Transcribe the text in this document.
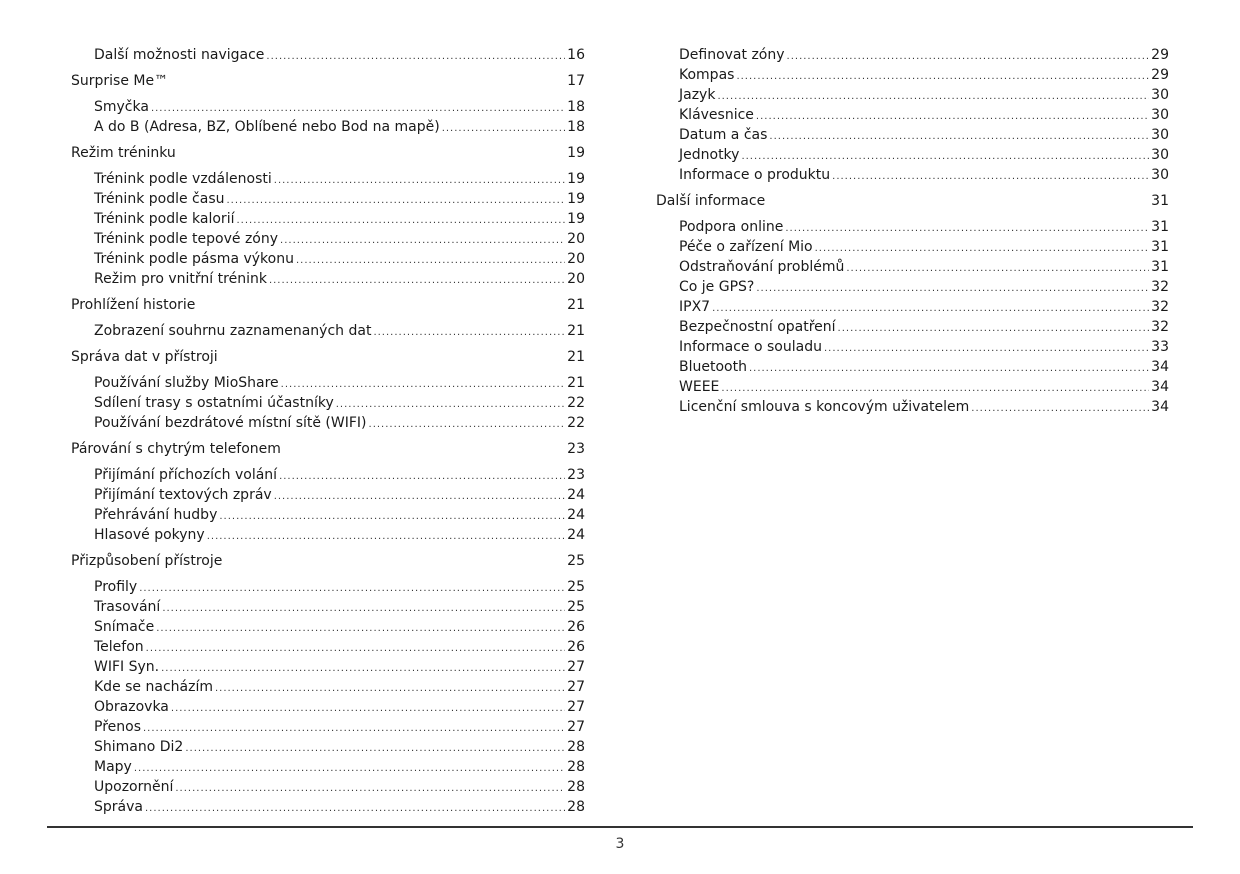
Další možnosti navigace .....	16
Surprise Me™	17
Smyčka .....	18
A do B (Adresa, BZ, Oblíbené nebo Bod na mapě) .....	18
Režim tréninku	19
Trénink podle vzdálenosti .....	19
Trénink podle času .....	19
Trénink podle kalorií .....	19
Trénink podle tepové zóny .....	20
Trénink podle pásma výkonu .....	20
Režim pro vnitřní trénink .....	20
Prohlížení historie	21
Zobrazení souhrnu zaznamenaných dat .....	21
Správa dat v přístroji	21
Používání služby MioShare .....	21
Sdílení trasy s ostatními účastníky .....	22
Používání bezdrátové místní sítě (WIFI) .....	22
Párování s chytrým telefonem	23
Přijímání příchozích volání .....	23
Přijímání textových zpráv .....	24
Přehrávání hudby .....	24
Hlasové pokyny .....	24
Přizpůsobení přístroje	25
Profily .....	25
Trasování .....	25
Snímače .....	26
Telefon .....	26
WIFI Syn. .....	27
Kde se nacházím .....	27
Obrazovka .....	27
Přenos .....	27
Shimano Di2 .....	28
Mapy .....	28
Upozornění .....	28
Správa .....	28
Definovat zóny .....	29
Kompas .....	29
Jazyk .....	30
Klávesnice .....	30
Datum a čas .....	30
Jednotky .....	30
Informace o produktu .....	30
Další informace	31
Podpora online .....	31
Péče o zařízení Mio .....	31
Odstraňování problémů .....	31
Co je GPS? .....	32
IPX7 .....	32
Bezpečnostní opatření .....	32
Informace o souladu .....	33
Bluetooth .....	34
WEEE .....	34
Licenční smlouva s koncovým uživatelem .....	34
3
